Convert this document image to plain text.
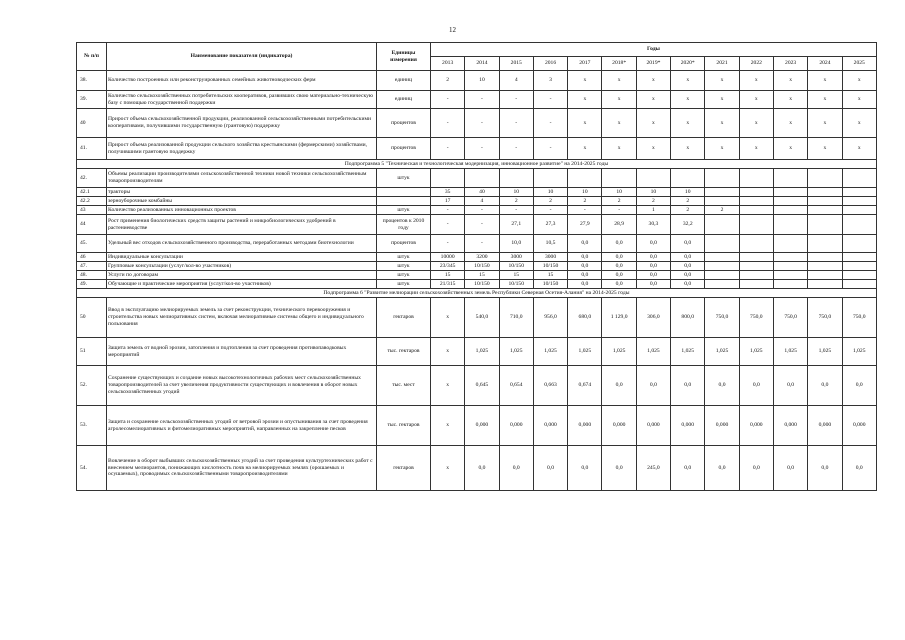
12
№ п/п	Наименование показателя (индикатора)	Единицы измерения	Годы												
			2013	2014	2015	2016	2017	2018*	2019*	2020*	2021	2022	2023	2024	2025
38.	Количество построенных или реконструированных семейных животноводческих ферм	единиц	2	10	4	3	x	x	x	x	x	x	x	x	x
39.	Количество сельскохозяйственных потребительских кооперативов, развивших свою материально-техническую базу с помощью государственной поддержки	единиц	-	-	-	-	x	x	x	x	x	x	x	x	x
40	Прирост объема сельскохозяйственной продукции, реализованной сельскохозяйственными потребительскими кооперативами, получившими государственную (грантовую) поддержку	процентов	-	-	-	-	x	x	x	x	x	x	x	x	x
41.	Прирост объема реализованной продукции сельского хозяйства крестьянскими (фермерскими) хозяйствами, получившими грантовую поддержку	процентов	-	-	-	-	x	x	x	x	x	x	x	x	x
Подпрограмма 5 "Техническая и технологическая модернизация, инновационное развитие" на 2014-2025 годы															
42.	Объемы реализации производителями сельскохозяйственной техники новой техники сельскохозяйственным товаропроизводителям	штук													
42.1	тракторы		35	40	10	10	10	10	10	10					
42.2	зерноуборочные комбайны		17	4	2	2	2	2	2	2					
43	Количество реализованных инновационных проектов	штук	-	-	-	-	-	-	1	2	2				
44	Рост применения биологических средств защиты растений и микробиологических удобрений в растениеводстве	процентов к 2010 году	-	-	27,1	27,3	27,9	28,9	30,3	32,2					
45.	Удельный вес отходов сельскохозяйственного производства, переработанных методами биотехнологии	процентов	-	-	10,0	10,5	0,0	0,0	0,0	0,0					
46	Индивидуальные консультации	штук	10000	3200	3000	3000	0,0	0,0	0,0	0,0					
47.	Групповые консультации (услуг/кол-во участников)	штук	23/345	10/150	10/150	10/150	0,0	0,0	0,0	0,0					
48.	Услуги по договорам	штук	15	15	15	15	0,0	0,0	0,0	0,0					
49.	Обучающие и практические мероприятия (услуг/кол-во участников)	штук	21/315	10/150	10/150	10/150	0,0	0,0	0,0	0,0					
Подпрограмма 6 "Развитие мелиорации сельскохозяйственных земель Республики Северная Осетия-Алания" на 2014-2025 годы															
50	Ввод в эксплуатацию мелиорируемых земель за счет реконструкции, технического перевооружения и строительства новых мелиоративных систем, включая мелиоративные системы общего и индивидуального пользования	гектаров	x	540,0	710,0	956,0	680,0	1 129,0	306,0	800,0	750,0	750,0	750,0	750,0	750,0
51	Защита земель от водной эрозии, затопления и подтопления за счет проведения противопаводковых мероприятий	тыс. гектаров	x	1,025	1,025	1,025	1,025	1,025	1,025	1,025	1,025	1,025	1,025	1,025	1,025
52.	Сохранение существующих и создание новых высокотехнологичных рабочих мест сельскохозяйственных товаропроизводителей за счет увеличения продуктивности существующих и вовлечения в оборот новых сельскохозяйственных угодий	тыс. мест	x	0,645	0,654	0,663	0,674	0,0	0,0	0,0	0,0	0,0	0,0	0,0	0,0
53.	Защита и сохранение сельскохозяйственных угодий от ветровой эрозии и опустынивания за счет проведения агролесомелиоративных и фитомелиоративных мероприятий, направленных на закрепление песков	тыс. гектаров	x	0,000	0,000	0,000	0,000	0,000	0,000	0,000	0,000	0,000	0,000	0,000	0,000
54.	Вовлечение в оборот выбывших сельскохозяйственных угодий за счет проведения культуртехнических работ с внесением мелиорантов, понижающих кислотность почв на мелиорируемых землях (орошаемых и осушаемых), проводимых сельскохозяйственными товаропроизводителями	гектаров	x	0,0	0,0	0,0	0,0	0,0	245,0	0,0	0,0	0,0	0,0	0,0	0,0
